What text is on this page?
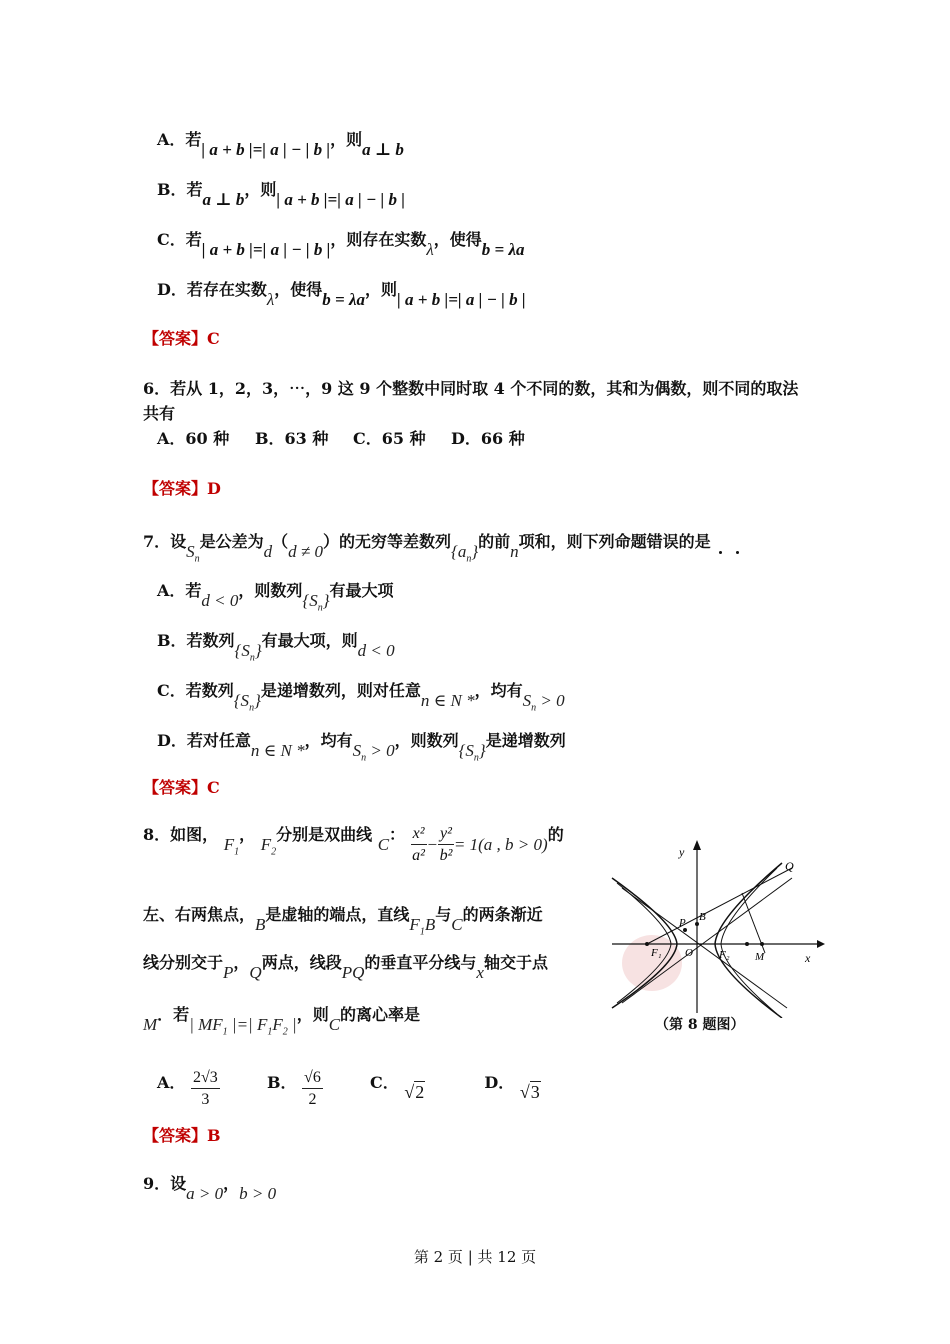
A．若| a + b |=| a | − | b |，则a ⊥ b
B．若a ⊥ b，则| a + b |=| a | − | b |
C．若| a + b |=| a | − | b |，则存在实数λ，使得b = λa
D．若存在实数λ，使得b = λa，则| a + b |=| a | − | b |
【答案】C
6．若从 1，2，3，⋯，9 这 9 个整数中同时取 4 个不同的数，其和为偶数，则不同的取法
共有
A．60 种 B．63 种 C．65 种 D．66 种
【答案】D
7．设$S_n$是公差为d（d ≠ 0）的无穷等差数列$\{a_n\}$的前n项和，则下列命题错误的是
A．若d < 0，则数列$\{S_n\}$有最大项
B．若数列$\{S_n\}$有最大项，则d < 0
C．若数列$\{S_n\}$是递增数列，则对任意n ∈ N *，均有$S_n > 0$
D．若对任意n ∈ N *，均有$S_n > 0$，则数列$\{S_n\}$是递增数列
【答案】C
8．如图， $F_1$， $F_2$分别是双曲线 C： $\frac{\text{x²}}{\text{a²}} - \frac{\text{y²}}{\text{b²}} = 1(a$ , b > 0)的
左、右两焦点，B是虚轴的端点，直线$F_1B$与C的两条渐近
线分别交于P，Q两点，线段PQ的垂直平分线与x轴交于点
M．若| $MF_1$ |=| $F_1F_2$ |，则C的离心率是
A． $\frac{2√3}{3}$	B． $\frac{√6}{2}$	C． √2	D． √3
【答案】B
y
x
Q
B
P
O
F₁	F₂ M
（第 8 题图）
9．设a > 0，b > 0
第 2 页 | 共 12 页
